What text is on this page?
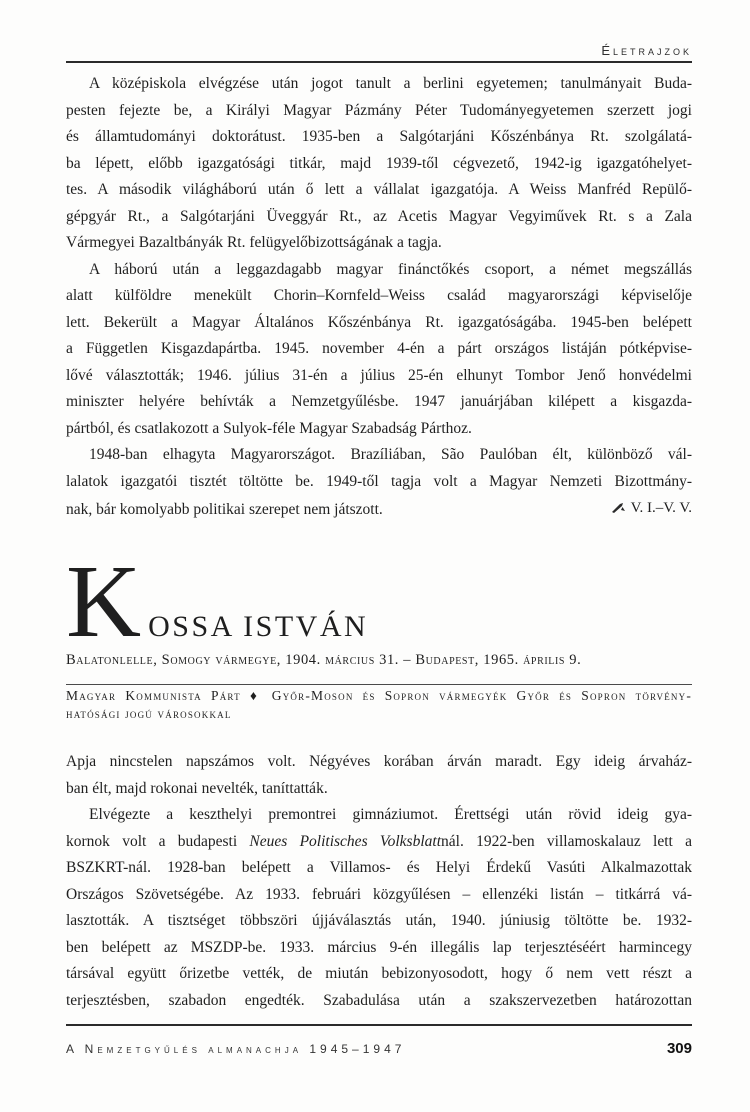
Életrajzok
A középiskola elvégzése után jogot tanult a berlini egyetemen; tanulmányait Buda-
pesten fejezte be, a Királyi Magyar Pázmány Péter Tudományegyetemen szerzett jogi
és államtudományi doktorátust. 1935-ben a Salgótarjáni Kőszénbánya Rt. szolgálatá-
ba lépett, előbb igazgatósági titkár, majd 1939-től cégvezető, 1942-ig igazgatóhelyet-
tes. A második világháború után ő lett a vállalat igazgatója. A Weiss Manfréd Repülő-
gépgyár Rt., a Salgótarjáni Üveggyár Rt., az Acetis Magyar Vegyiművek Rt. s a Zala
Vármegyei Bazaltbányák Rt. felügyelőbizottságának a tagja.
A háború után a leggazdagabb magyar finánctőkés csoport, a német megszállás
alatt külföldre menekült Chorin–Kornfeld–Weiss család magyarországi képviselője
lett. Bekerült a Magyar Általános Kőszénbánya Rt. igazgatóságába. 1945-ben belépett
a Független Kisgazdapártba. 1945. november 4-én a párt országos listáján pótképvise-
lővé választották; 1946. július 31-én a július 25-én elhunyt Tombor Jenő honvédelmi
miniszter helyére behívták a Nemzetgyűlésbe. 1947 januárjában kilépett a kisgazda-
pártból, és csatlakozott a Sulyok-féle Magyar Szabadság Párthoz.
1948-ban elhagyta Magyarországot. Brazíliában, São Paulóban élt, különböző vál-
lalatok igazgatói tisztét töltötte be. 1949-től tagja volt a Magyar Nemzeti Bizottmány-
nak, bár komolyabb politikai szerepet nem játszott.	V. I.–V. V.
K OSSA ISTVÁN
Balatonlelle, Somogy vármegye, 1904. március 31. – Budapest, 1965. április 9.
Magyar Kommunista Párt ♦ Győr-Moson és Sopron vármegyék Győr és Sopron törvény-
hatósági jogú városokkal
Apja nincstelen napszámos volt. Négyéves korában árván maradt. Egy ideig árvaház-
ban élt, majd rokonai nevelték, taníttatták.
Elvégezte a keszthelyi premontrei gimnáziumot. Érettségi után rövid ideig gya-
kornok volt a budapesti Neues Politisches Volksblattnál. 1922-ben villamoskalauz lett a
BSZKRT-nál. 1928-ban belépett a Villamos- és Helyi Érdekű Vasúti Alkalmazottak
Országos Szövetségébe. Az 1933. februári közgyűlésen – ellenzéki listán – titkárrá vá-
lasztották. A tisztséget többszöri újjáválasztás után, 1940. júniusig töltötte be. 1932-
ben belépett az MSZDP-be. 1933. március 9-én illegális lap terjesztéséért harmincegy
társával együtt őrizetbe vették, de miután bebizonyosodott, hogy ő nem vett részt a
terjesztésben, szabadon engedték. Szabadulása után a szakszervezetben határozottan
A Nemzetgyűlés almanachja 1945–1947	309
